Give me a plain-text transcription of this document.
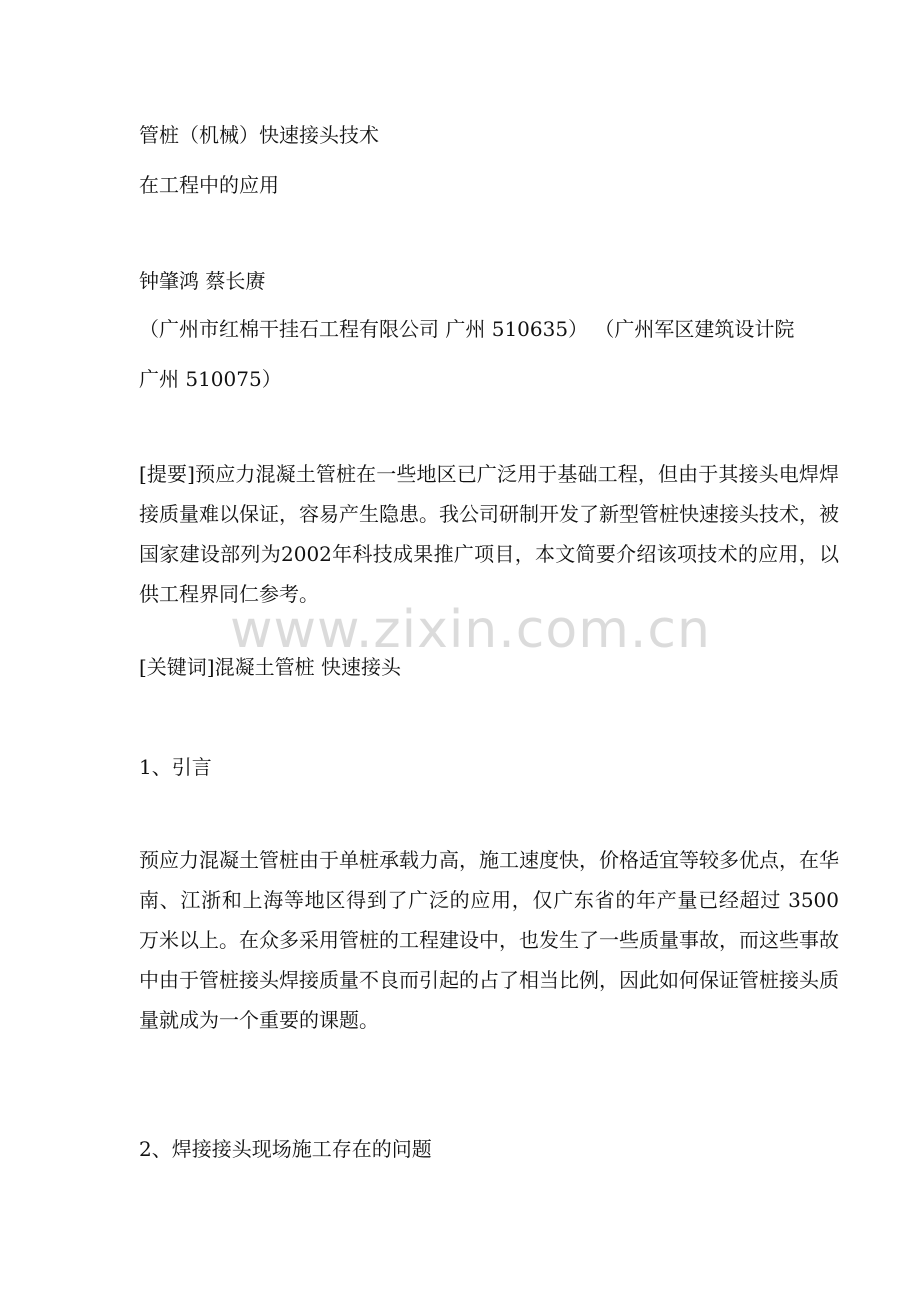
管桩（机械）快速接头技术
在工程中的应用
钟肇鸿 蔡长赓
（广州市红棉干挂石工程有限公司 广州 510635） （广州军区建筑设计院
广州 510075）
[提要]预应力混凝土管桩在一些地区已广泛用于基础工程，但由于其接头电焊焊接质量难以保证，容易产生隐患。我公司研制开发了新型管桩快速接头技术，被国家建设部列为2002年科技成果推广项目，本文简要介绍该项技术的应用，以供工程界同仁参考。
[关键词]混凝土管桩 快速接头
1、引言
预应力混凝土管桩由于单桩承载力高，施工速度快，价格适宜等较多优点，在华南、江浙和上海等地区得到了广泛的应用，仅广东省的年产量已经超过 3500 万米以上。在众多采用管桩的工程建设中，也发生了一些质量事故，而这些事故中由于管桩接头焊接质量不良而引起的占了相当比例，因此如何保证管桩接头质量就成为一个重要的课题。
2、焊接接头现场施工存在的问题
www.zixin.com.cn
